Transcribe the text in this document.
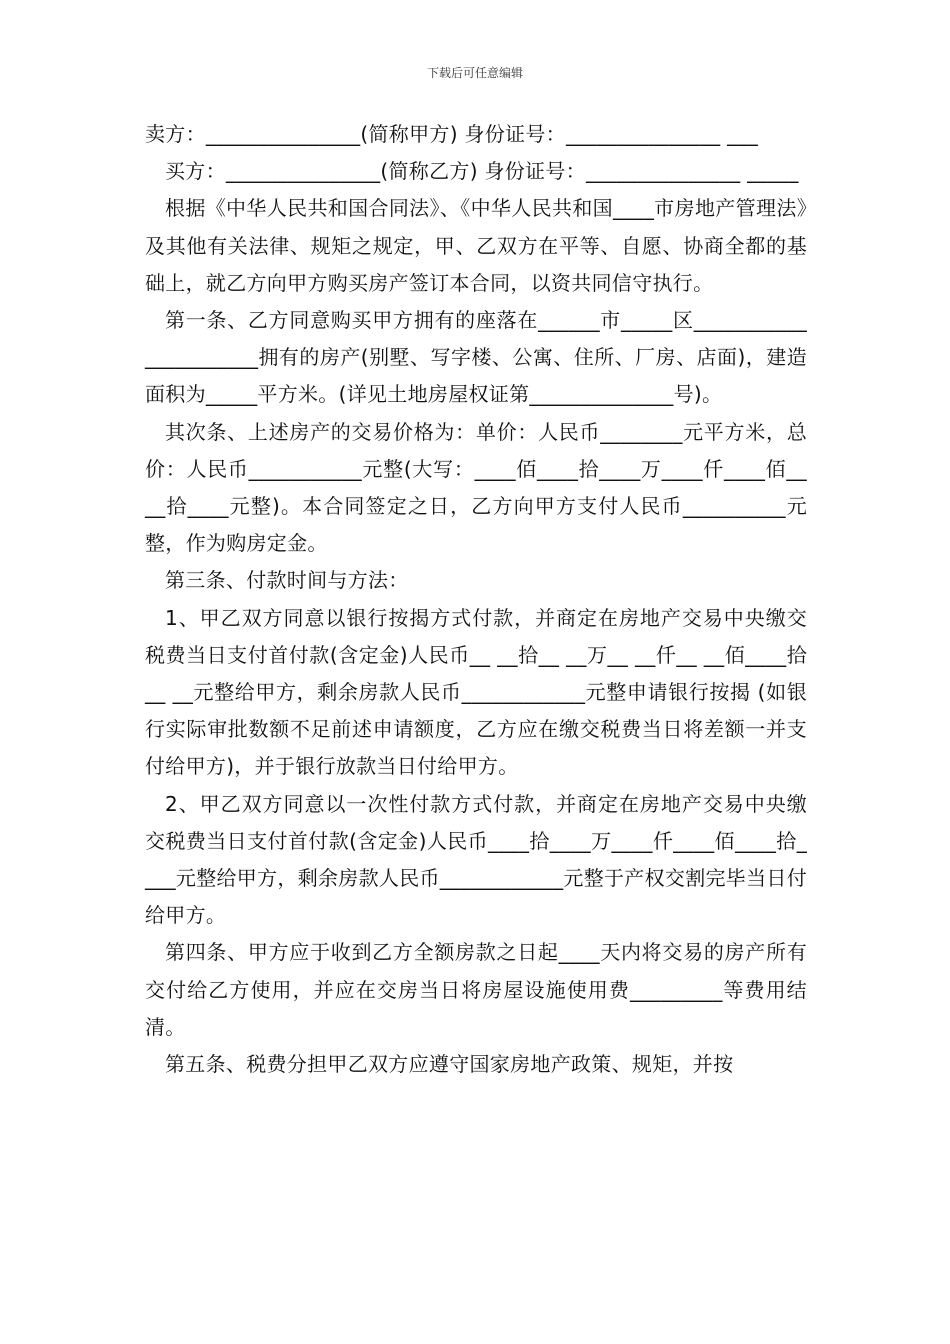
下载后可任意编辑

卖方：_______________(简称甲方) 身份证号：_______________ ___

买方：_______________(简称乙方) 身份证号：_______________ _____

根据《中华人民共和国合同法》、《中华人民共和国____市房地产管理法》及其他有关法律、规矩之规定，甲、乙双方在平等、自愿、协商全都的基础上，就乙方向甲方购买房产签订本合同，以资共同信守执行。

第一条、乙方同意购买甲方拥有的座落在______市_____区______________________拥有的房产(别墅、写字楼、公寓、住所、厂房、店面)，建造面积为_____平方米。(详见土地房屋权证第______________号)。

其次条、上述房产的交易价格为：单价：人民币________元平方米，总价：人民币___________元整(大写：____佰____拾____万____仟____佰____拾____元整)。本合同签定之日，乙方向甲方支付人民币__________元整，作为购房定金。

第三条、付款时间与方法：

1、甲乙双方同意以银行按揭方式付款，并商定在房地产交易中央缴交税费当日支付首付款(含定金)人民币__ __拾__ __万__ __仟__ __佰____拾__ __元整给甲方，剩余房款人民币____________元整申请银行按揭 (如银行实际审批数额不足前述申请额度，乙方应在缴交税费当日将差额一并支付给甲方)，并于银行放款当日付给甲方。

2、甲乙双方同意以一次性付款方式付款，并商定在房地产交易中央缴交税费当日支付首付款(含定金)人民币____拾____万____仟____佰____拾____元整给甲方，剩余房款人民币____________元整于产权交割完毕当日付给甲方。

第四条、甲方应于收到乙方全额房款之日起____天内将交易的房产所有交付给乙方使用，并应在交房当日将房屋设施使用费_________等费用结清。

第五条、税费分担甲乙双方应遵守国家房地产政策、规矩，并按
